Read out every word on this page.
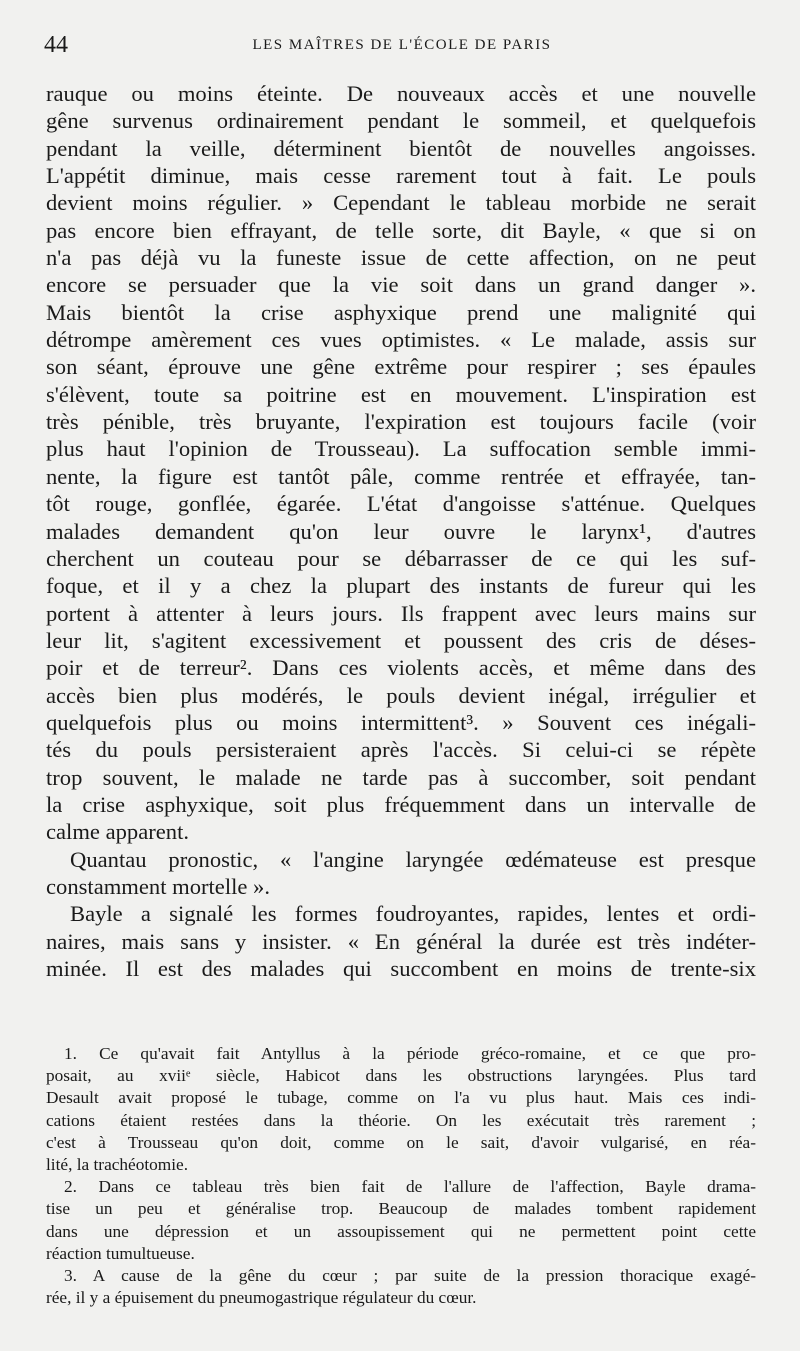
44	LES MAÎTRES DE L'ÉCOLE DE PARIS
rauque ou moins éteinte. De nouveaux accès et une nouvelle
gêne survenus ordinairement pendant le sommeil, et quelquefois
pendant la veille, déterminent bientôt de nouvelles angoisses.
L'appétit diminue, mais cesse rarement tout à fait. Le pouls
devient moins régulier. » Cependant le tableau morbide ne serait
pas encore bien effrayant, de telle sorte, dit Bayle, « que si on
n'a pas déjà vu la funeste issue de cette affection, on ne peut
encore se persuader que la vie soit dans un grand danger ».
Mais bientôt la crise asphyxique prend une malignité qui
détrompe amèrement ces vues optimistes. « Le malade, assis sur
son séant, éprouve une gêne extrême pour respirer ; ses épaules
s'élèvent, toute sa poitrine est en mouvement. L'inspiration est
très pénible, très bruyante, l'expiration est toujours facile (voir
plus haut l'opinion de Trousseau). La suffocation semble immi-
nente, la figure est tantôt pâle, comme rentrée et effrayée, tan-
tôt rouge, gonflée, égarée. L'état d'angoisse s'atténue. Quelques
malades demandent qu'on leur ouvre le larynx¹, d'autres
cherchent un couteau pour se débarrasser de ce qui les suf-
foque, et il y a chez la plupart des instants de fureur qui les
portent à attenter à leurs jours. Ils frappent avec leurs mains sur
leur lit, s'agitent excessivement et poussent des cris de déses-
poir et de terreur². Dans ces violents accès, et même dans des
accès bien plus modérés, le pouls devient inégal, irrégulier et
quelquefois plus ou moins intermittent³. » Souvent ces inégali-
tés du pouls persisteraient après l'accès. Si celui-ci se répète
trop souvent, le malade ne tarde pas à succomber, soit pendant
la crise asphyxique, soit plus fréquemment dans un intervalle de
calme apparent.
Quantau pronostic, « l'angine laryngée œdémateuse est presque
constamment mortelle ».
Bayle a signalé les formes foudroyantes, rapides, lentes et ordi-
naires, mais sans y insister. « En général la durée est très indéter-
minée. Il est des malades qui succombent en moins de trente-six
1. Ce qu'avait fait Antyllus à la période gréco-romaine, et ce que pro-
posait, au xviiᵉ siècle, Habicot dans les obstructions laryngées. Plus tard
Desault avait proposé le tubage, comme on l'a vu plus haut. Mais ces indi-
cations étaient restées dans la théorie. On les exécutait très rarement ;
c'est à Trousseau qu'on doit, comme on le sait, d'avoir vulgarisé, en réa-
lité, la trachéotomie.
2. Dans ce tableau très bien fait de l'allure de l'affection, Bayle drama-
tise un peu et généralise trop. Beaucoup de malades tombent rapidement
dans une dépression et un assoupissement qui ne permettent point cette
réaction tumultueuse.
3. A cause de la gêne du cœur ; par suite de la pression thoracique exagé-
rée, il y a épuisement du pneumogastrique régulateur du cœur.
